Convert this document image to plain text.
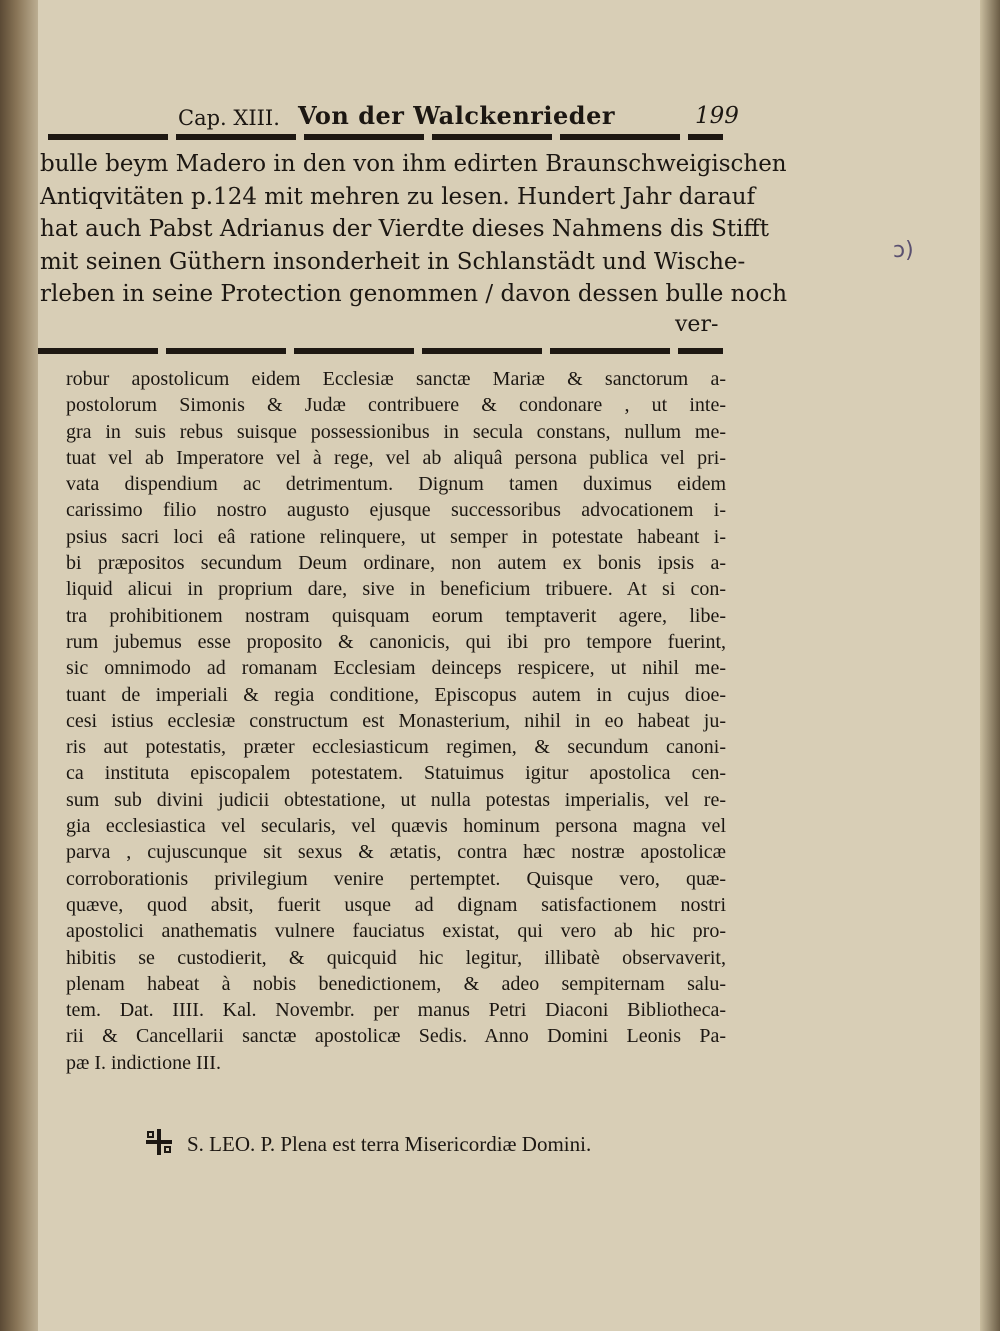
Cap. XIII. Von der Walckenrieder	199
bulle beym Madero in den von ihm edirten Braunschweigischen
Antiqvitäten p.124 mit mehren zu lesen. Hundert Jahr darauf
hat auch Pabst Adrianus der Vierdte dieses Nahmens dis Stifft
mit seinen Güthern insonderheit in Schlanstädt und Wische-
rleben in seine Protection genommen / davon dessen bulle noch
ver-
ɔ)
robur apostolicum eidem Ecclesiæ sanctæ Mariæ & sanctorum a-
postolorum Simonis & Judæ contribuere & condonare , ut inte-
gra in suis rebus suisque possessionibus in secula constans, nullum me-
tuat vel ab Imperatore vel à rege, vel ab aliquâ persona publica vel pri-
vata dispendium ac detrimentum. Dignum tamen duximus eidem
carissimo filio nostro augusto ejusque successoribus advocationem i-
psius sacri loci eâ ratione relinquere, ut semper in potestate habeant i-
bi præpositos secundum Deum ordinare, non autem ex bonis ipsis a-
liquid alicui in proprium dare, sive in beneficium tribuere. At si con-
tra prohibitionem nostram quisquam eorum temptaverit agere, libe-
rum jubemus esse proposito & canonicis, qui ibi pro tempore fuerint,
sic omnimodo ad romanam Ecclesiam deinceps respicere, ut nihil me-
tuant de imperiali & regia conditione, Episcopus autem in cujus dioe-
cesi istius ecclesiæ constructum est Monasterium, nihil in eo habeat ju-
ris aut potestatis, præter ecclesiasticum regimen, & secundum canoni-
ca instituta episcopalem potestatem. Statuimus igitur apostolica cen-
sum sub divini judicii obtestatione, ut nulla potestas imperialis, vel re-
gia ecclesiastica vel secularis, vel quævis hominum persona magna vel
parva , cujuscunque sit sexus & ætatis, contra hæc nostræ apostolicæ
corroborationis privilegium venire pertemptet. Quisque vero, quæ-
quæve, quod absit, fuerit usque ad dignam satisfactionem nostri
apostolici anathematis vulnere fauciatus existat, qui vero ab hic pro-
hibitis se custodierit, & quicquid hic legitur, illibatè observaverit,
plenam habeat à nobis benedictionem, & adeo sempiternam salu-
tem. Dat. IIII. Kal. Novembr. per manus Petri Diaconi Bibliotheca-
rii & Cancellarii sanctæ apostolicæ Sedis. Anno Domini Leonis Pa-
pæ I. indictione III.
S. LEO. P. Plena est terra Misericordiæ Domini.
